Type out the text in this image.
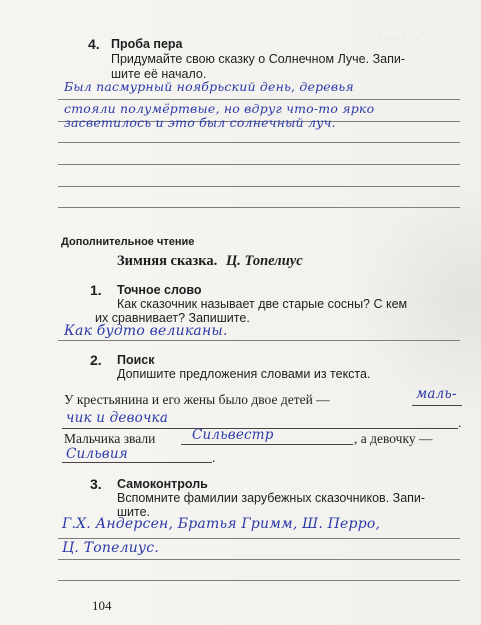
· · · · · · · ·
· · ·
4. Проба пера
Придумайте свою сказку о Солнечном Луче. Запи-
шите её начало.
Был пасмурный ноябрьский день, деревья
стояли полумёртвые, но вдруг что-то ярко
засветилось и это был солнечный луч.
Дополнительное чтение
Зимняя сказка. Ц. Топелиус
1. Точное слово
Как сказочник называет две старые сосны? С кем
их сравнивает? Запишите.
Как будто великаны.
2. Поиск
Допишите предложения словами из текста.
У крестьянина и его жены было двое детей —	маль-
чик и девочка	.
Мальчика звали	Сильвестр	, а девочку —
Сильвия	.
3. Самоконтроль
Вспомните фамилии зарубежных сказочников. Запи-
шите.
Г.Х. Андерсен, Братья Гримм, Ш. Перро,
Ц. Топелиус.
104
